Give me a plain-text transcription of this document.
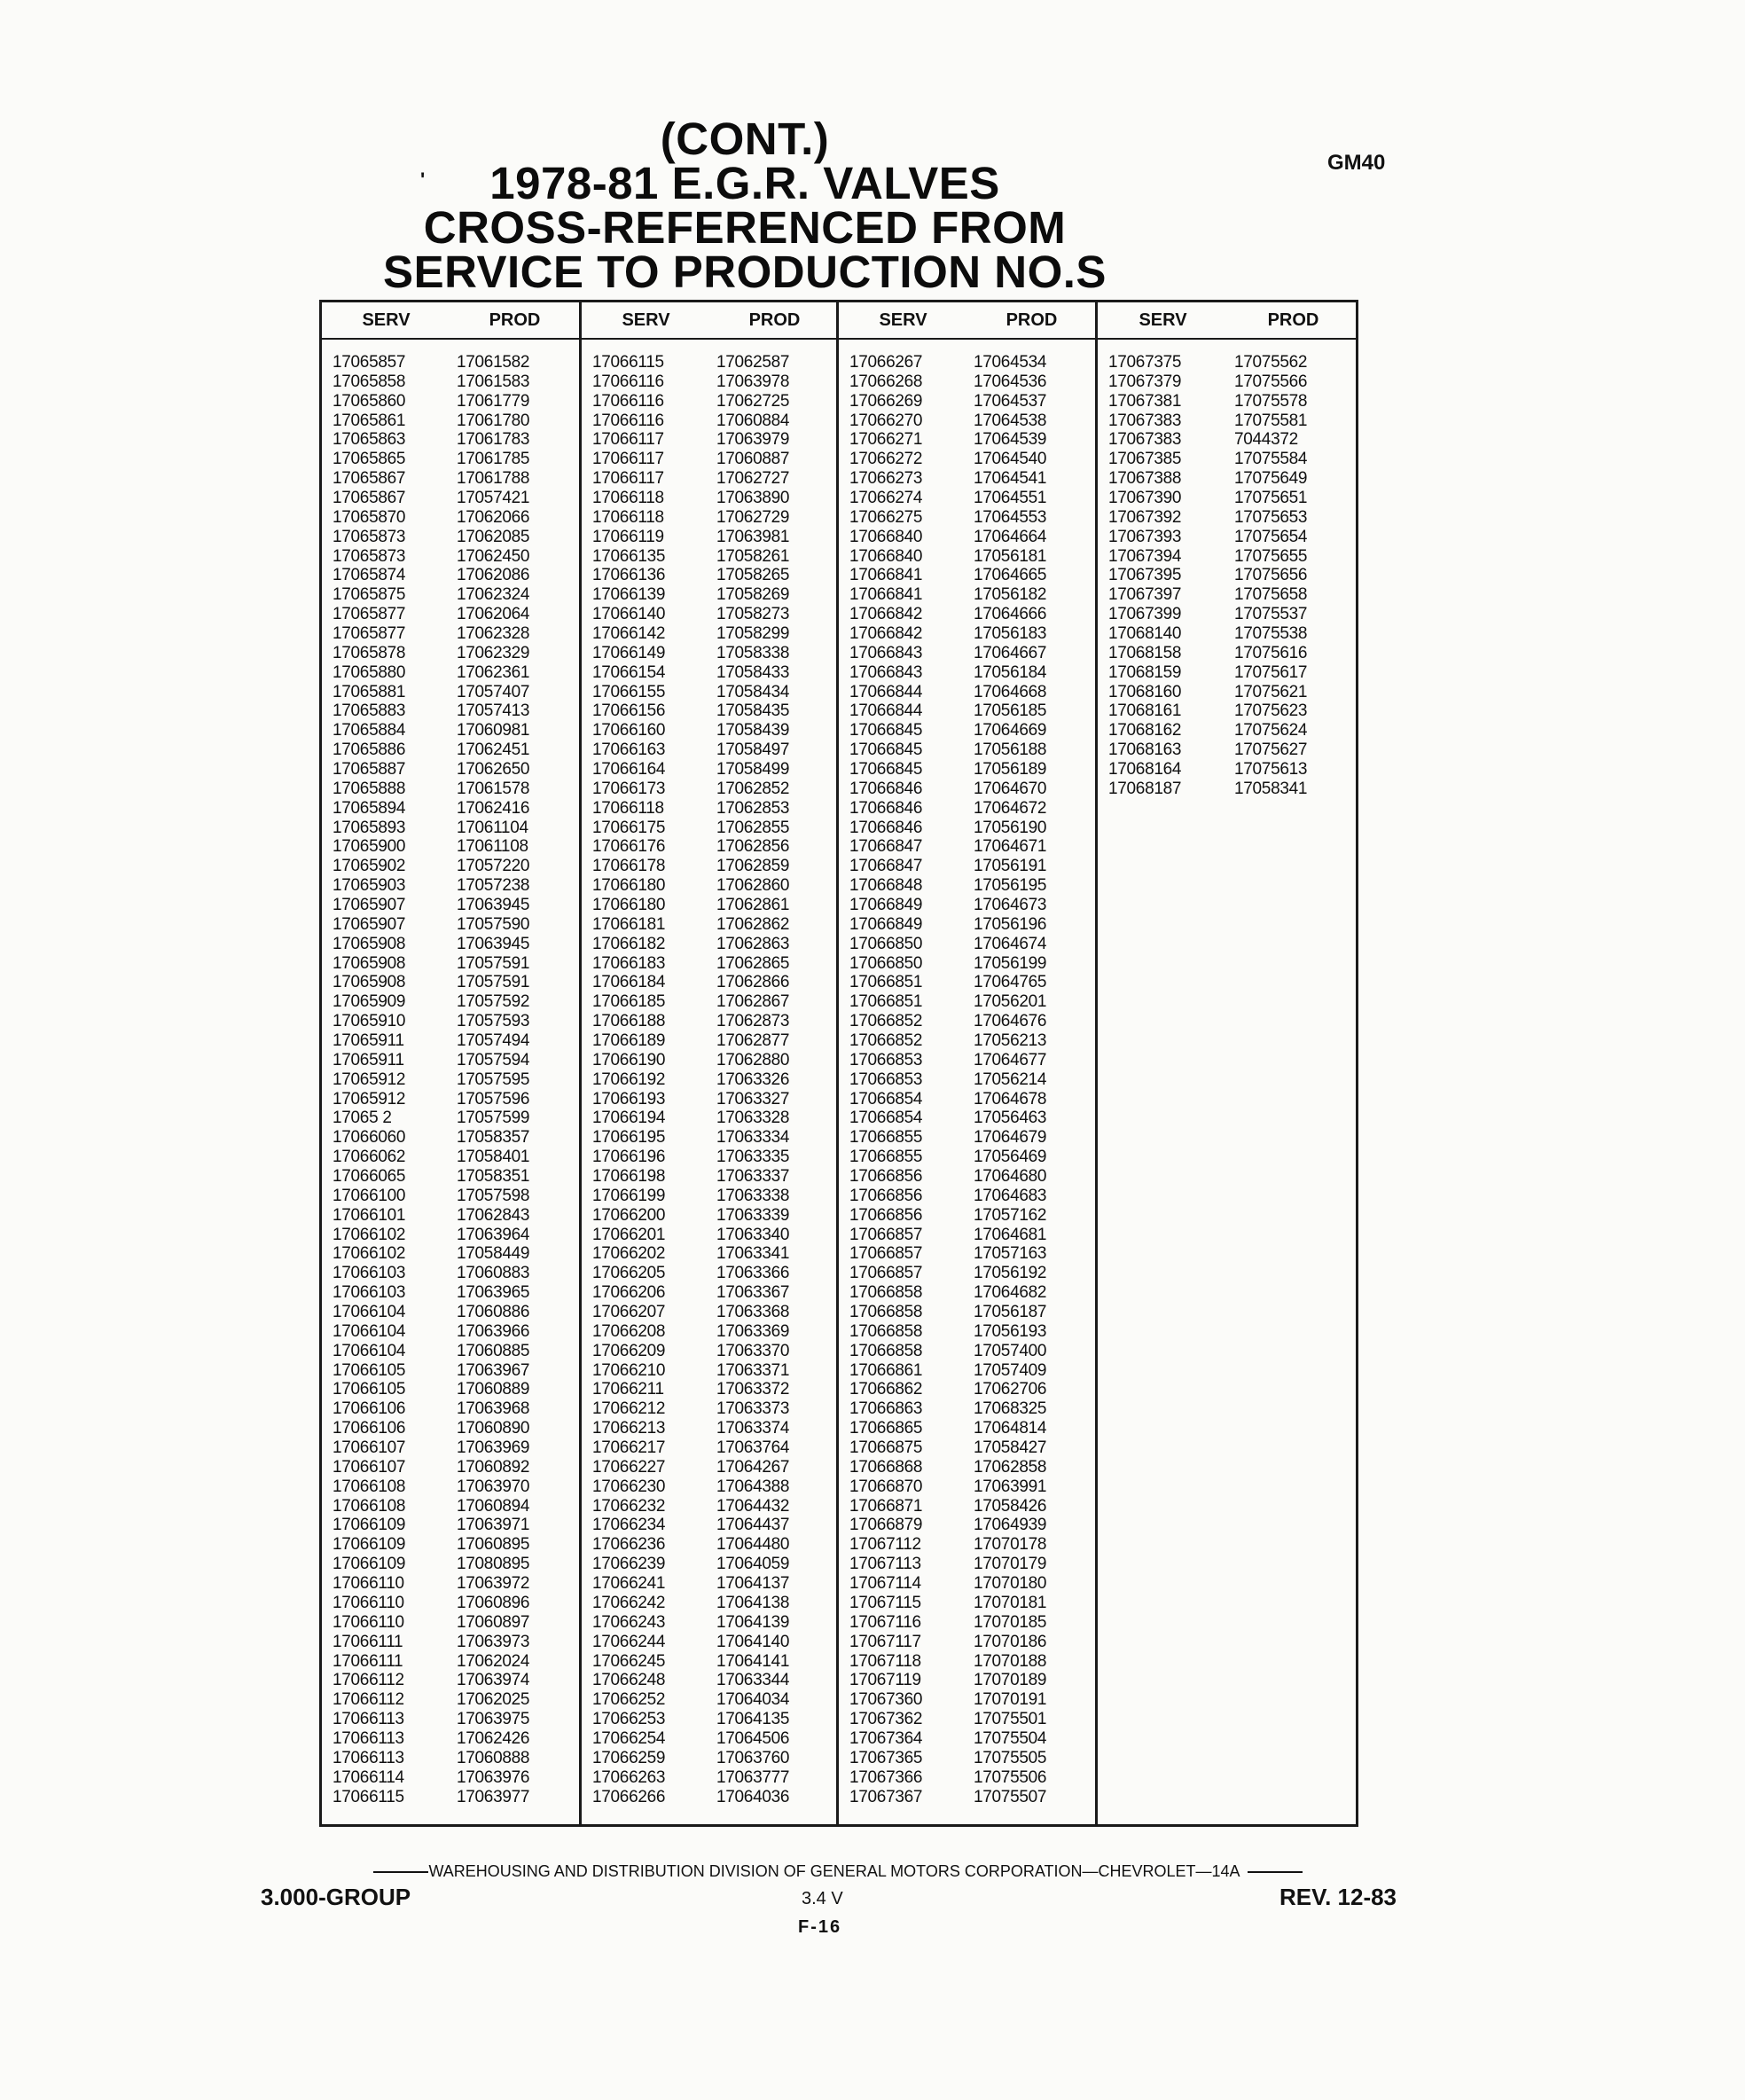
'
(CONT.)
1978-81 E.G.R. VALVES
CROSS-REFERENCED FROM
SERVICE TO PRODUCTION NO.S
GM40
SERV	PROD
17065857	17061582
17065858	17061583
17065860	17061779
17065861	17061780
17065863	17061783
17065865	17061785
17065867	17061788
17065867	17057421
17065870	17062066
17065873	17062085
17065873	17062450
17065874	17062086
17065875	17062324
17065877	17062064
17065877	17062328
17065878	17062329
17065880	17062361
17065881	17057407
17065883	17057413
17065884	17060981
17065886	17062451
17065887	17062650
17065888	17061578
17065894	17062416
17065893	17061104
17065900	17061108
17065902	17057220
17065903	17057238
17065907	17063945
17065907	17057590
17065908	17063945
17065908	17057591
17065908	17057591
17065909	17057592
17065910	17057593
17065911	17057494
17065911	17057594
17065912	17057595
17065912	17057596
17065 2	17057599
17066060	17058357
17066062	17058401
17066065	17058351
17066100	17057598
17066101	17062843
17066102	17063964
17066102	17058449
17066103	17060883
17066103	17063965
17066104	17060886
17066104	17063966
17066104	17060885
17066105	17063967
17066105	17060889
17066106	17063968
17066106	17060890
17066107	17063969
17066107	17060892
17066108	17063970
17066108	17060894
17066109	17063971
17066109	17060895
17066109	17080895
17066110	17063972
17066110	17060896
17066110	17060897
17066111	17063973
17066111	17062024
17066112	17063974
17066112	17062025
17066113	17063975
17066113	17062426
17066113	17060888
17066114	17063976
17066115	17063977
SERV	PROD
17066115	17062587
17066116	17063978
17066116	17062725
17066116	17060884
17066117	17063979
17066117	17060887
17066117	17062727
17066118	17063890
17066118	17062729
17066119	17063981
17066135	17058261
17066136	17058265
17066139	17058269
17066140	17058273
17066142	17058299
17066149	17058338
17066154	17058433
17066155	17058434
17066156	17058435
17066160	17058439
17066163	17058497
17066164	17058499
17066173	17062852
17066118	17062853
17066175	17062855
17066176	17062856
17066178	17062859
17066180	17062860
17066180	17062861
17066181	17062862
17066182	17062863
17066183	17062865
17066184	17062866
17066185	17062867
17066188	17062873
17066189	17062877
17066190	17062880
17066192	17063326
17066193	17063327
17066194	17063328
17066195	17063334
17066196	17063335
17066198	17063337
17066199	17063338
17066200	17063339
17066201	17063340
17066202	17063341
17066205	17063366
17066206	17063367
17066207	17063368
17066208	17063369
17066209	17063370
17066210	17063371
17066211	17063372
17066212	17063373
17066213	17063374
17066217	17063764
17066227	17064267
17066230	17064388
17066232	17064432
17066234	17064437
17066236	17064480
17066239	17064059
17066241	17064137
17066242	17064138
17066243	17064139
17066244	17064140
17066245	17064141
17066248	17063344
17066252	17064034
17066253	17064135
17066254	17064506
17066259	17063760
17066263	17063777
17066266	17064036
SERV	PROD
17066267	17064534
17066268	17064536
17066269	17064537
17066270	17064538
17066271	17064539
17066272	17064540
17066273	17064541
17066274	17064551
17066275	17064553
17066840	17064664
17066840	17056181
17066841	17064665
17066841	17056182
17066842	17064666
17066842	17056183
17066843	17064667
17066843	17056184
17066844	17064668
17066844	17056185
17066845	17064669
17066845	17056188
17066845	17056189
17066846	17064670
17066846	17064672
17066846	17056190
17066847	17064671
17066847	17056191
17066848	17056195
17066849	17064673
17066849	17056196
17066850	17064674
17066850	17056199
17066851	17064765
17066851	17056201
17066852	17064676
17066852	17056213
17066853	17064677
17066853	17056214
17066854	17064678
17066854	17056463
17066855	17064679
17066855	17056469
17066856	17064680
17066856	17064683
17066856	17057162
17066857	17064681
17066857	17057163
17066857	17056192
17066858	17064682
17066858	17056187
17066858	17056193
17066858	17057400
17066861	17057409
17066862	17062706
17066863	17068325
17066865	17064814
17066875	17058427
17066868	17062858
17066870	17063991
17066871	17058426
17066879	17064939
17067112	17070178
17067113	17070179
17067114	17070180
17067115	17070181
17067116	17070185
17067117	17070186
17067118	17070188
17067119	17070189
17067360	17070191
17067362	17075501
17067364	17075504
17067365	17075505
17067366	17075506
17067367	17075507
SERV	PROD
17067375	17075562
17067379	17075566
17067381	17075578
17067383	17075581
17067383	7044372
17067385	17075584
17067388	17075649
17067390	17075651
17067392	17075653
17067393	17075654
17067394	17075655
17067395	17075656
17067397	17075658
17067399	17075537
17068140	17075538
17068158	17075616
17068159	17075617
17068160	17075621
17068161	17075623
17068162	17075624
17068163	17075627
17068164	17075613
17068187	17058341
WAREHOUSING AND DISTRIBUTION DIVISION OF GENERAL MOTORS CORPORATION—CHEVROLET—14A
3.000-GROUP	3.4 V	REV. 12-83
F-16
